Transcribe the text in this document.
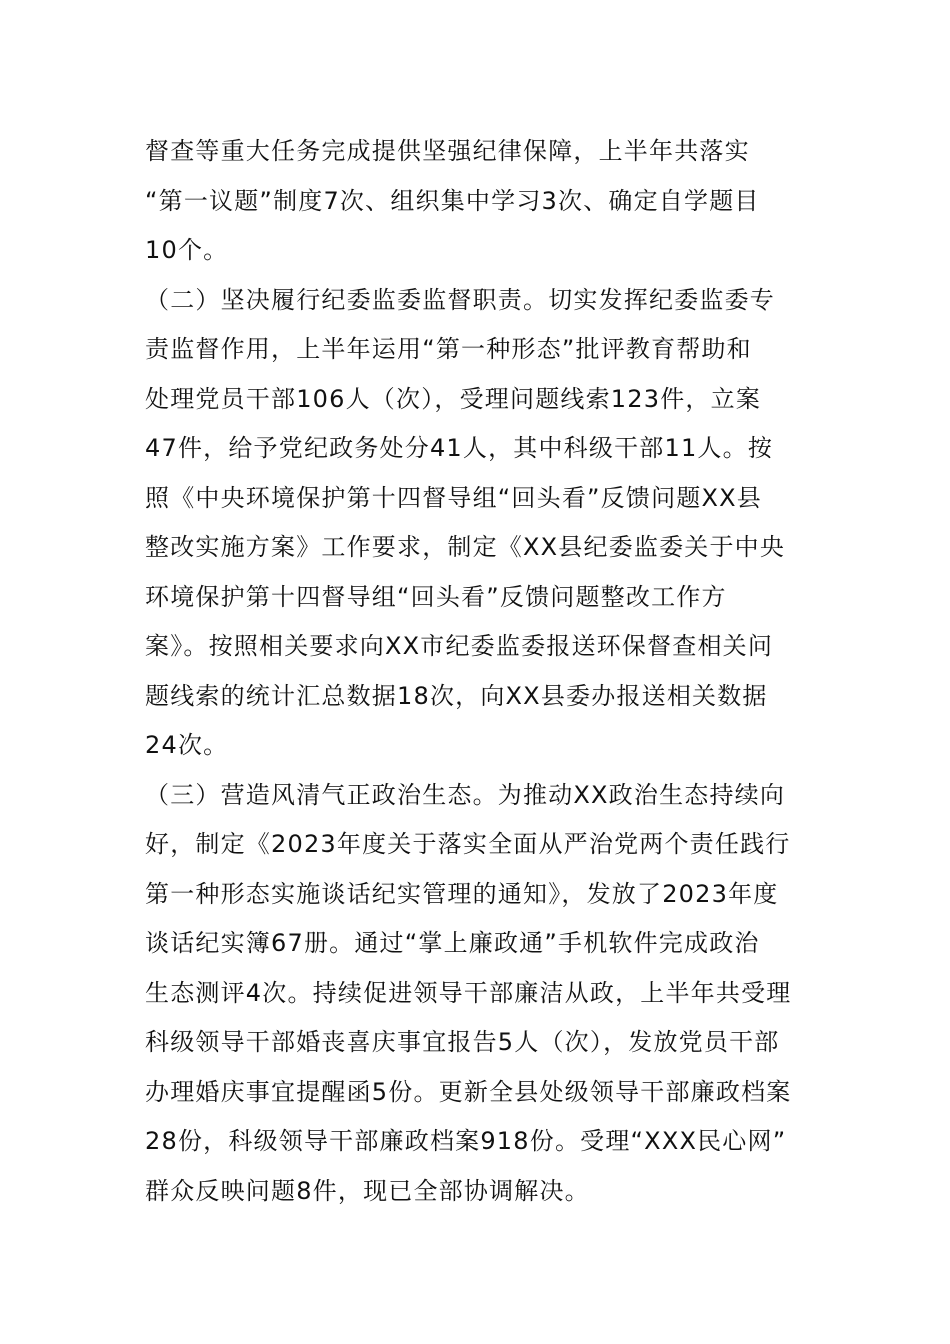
督查等重大任务完成提供坚强纪律保障，上半年共落实
“第一议题”制度7次、组织集中学习3次、确定自学题目
10个。
（二）坚决履行纪委监委监督职责。切实发挥纪委监委专
责监督作用，上半年运用“第一种形态”批评教育帮助和
处理党员干部106人（次），受理问题线索123件，立案
47件，给予党纪政务处分41人，其中科级干部11人。按
照《中央环境保护第十四督导组“回头看”反馈问题XX县
整改实施方案》工作要求，制定《XX县纪委监委关于中央
环境保护第十四督导组“回头看”反馈问题整改工作方
案》。按照相关要求向XX市纪委监委报送环保督查相关问
题线索的统计汇总数据18次，向XX县委办报送相关数据
24次。
（三）营造风清气正政治生态。为推动XX政治生态持续向
好，制定《2023年度关于落实全面从严治党两个责任践行
第一种形态实施谈话纪实管理的通知》，发放了2023年度
谈话纪实簿67册。通过“掌上廉政通”手机软件完成政治
生态测评4次。持续促进领导干部廉洁从政，上半年共受理
科级领导干部婚丧喜庆事宜报告5人（次），发放党员干部
办理婚庆事宜提醒函5份。更新全县处级领导干部廉政档案
28份，科级领导干部廉政档案918份。受理“XXX民心网”
群众反映问题8件，现已全部协调解决。
